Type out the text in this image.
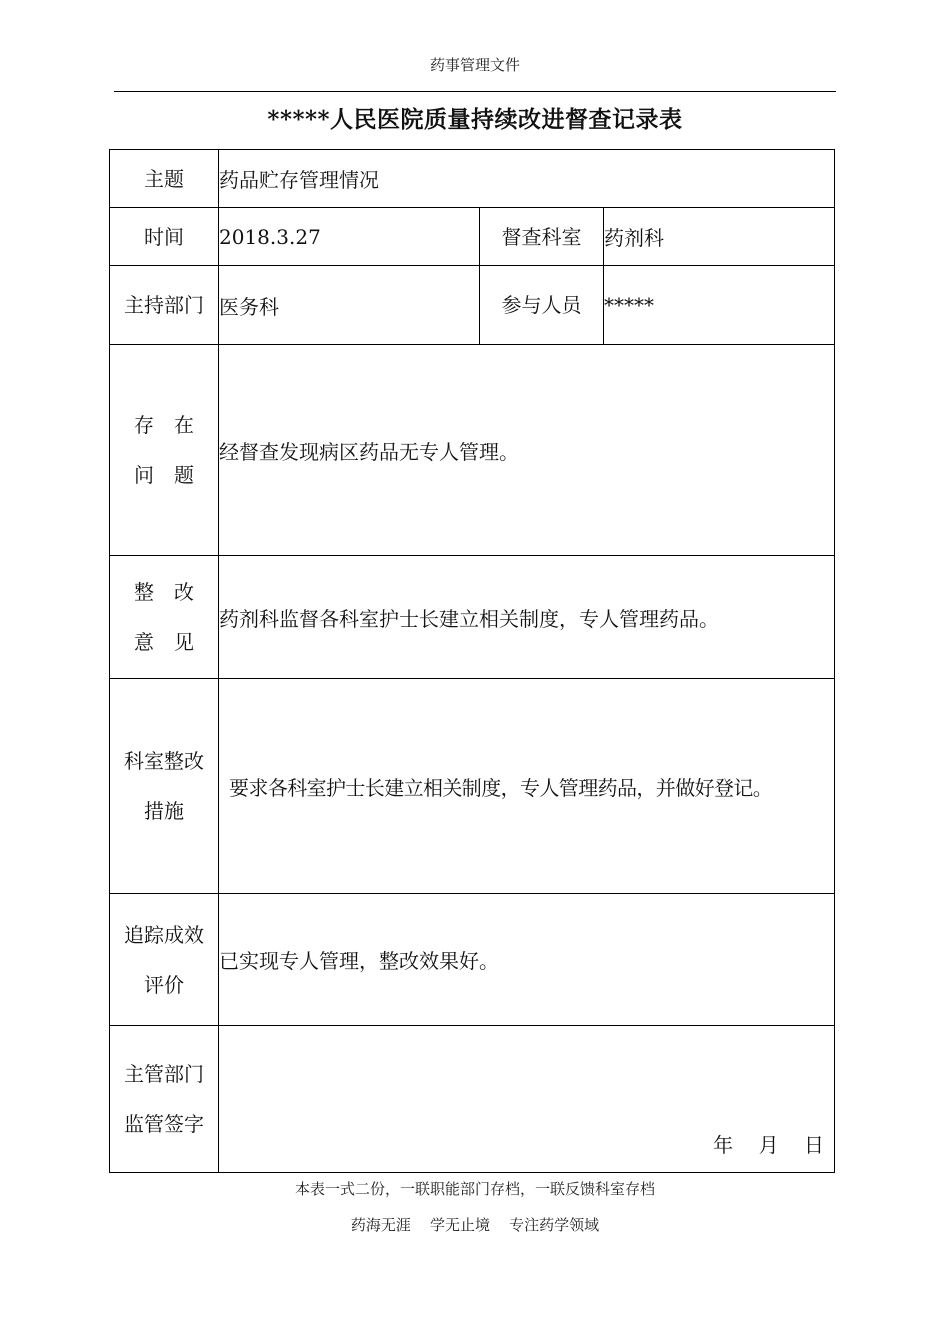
药事管理文件
*****人民医院质量持续改进督查记录表
主题	药品贮存管理情况		
时间	2018.3.27	督查科室	药剂科
主持部门	医务科	参与人员	*****

存在
问题	经督查发现病区药品无专人管理。		

整改
意见	药剂科监督各科室护士长建立相关制度，专人管理药品。		

科室整改
措施	要求各科室护士长建立相关制度，专人管理药品，并做好登记。		

追踪成效
评价	已实现专人管理，整改效果好。		

主管部门
监管签字	年    月    日		
本表一式二份，一联职能部门存档，一联反馈科室存档
药海无涯    学无止境    专注药学领域
